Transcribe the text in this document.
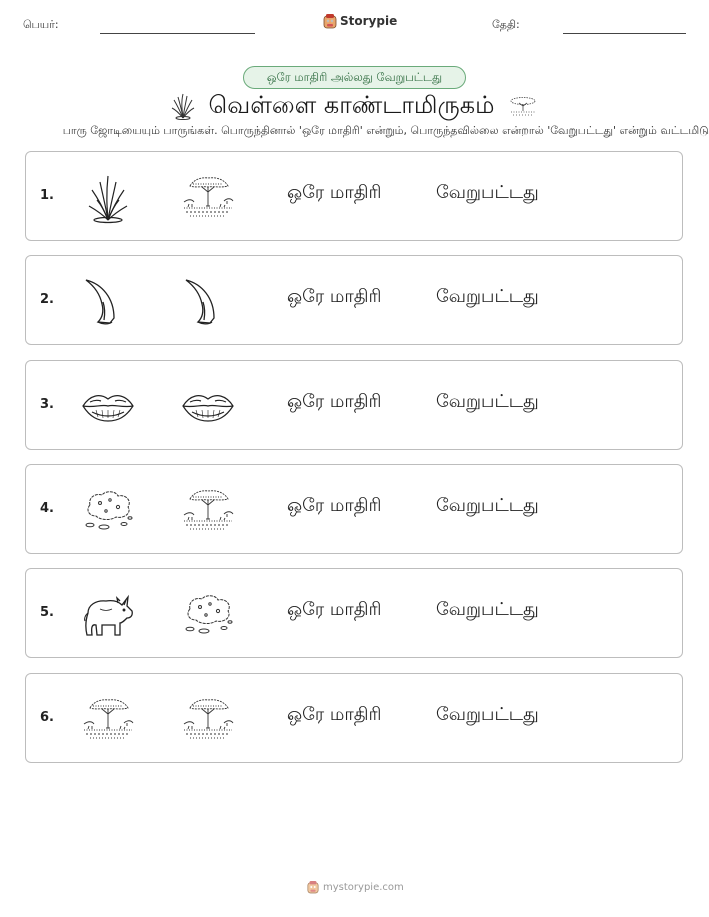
பெயர்:	Storypie	தேதி:
ஒரே மாதிரி அல்லது வேறுபட்டது
வெள்ளை காண்டாமிருகம்
பாரு ஜோடியையும் பாருங்கள். பொருந்தினால் 'ஒரே மாதிரி' என்றும், பொருந்தவில்லை என்றால் 'வேறுபட்டது' என்றும் வட்டமிடு
1.	ஒரே மாதிரி	வேறுபட்டது
2.	ஒரே மாதிரி	வேறுபட்டது
3.	ஒரே மாதிரி	வேறுபட்டது
4.	ஒரே மாதிரி	வேறுபட்டது
5.	ஒரே மாதிரி	வேறுபட்டது
6.	ஒரே மாதிரி	வேறுபட்டது
mystorypie.com
